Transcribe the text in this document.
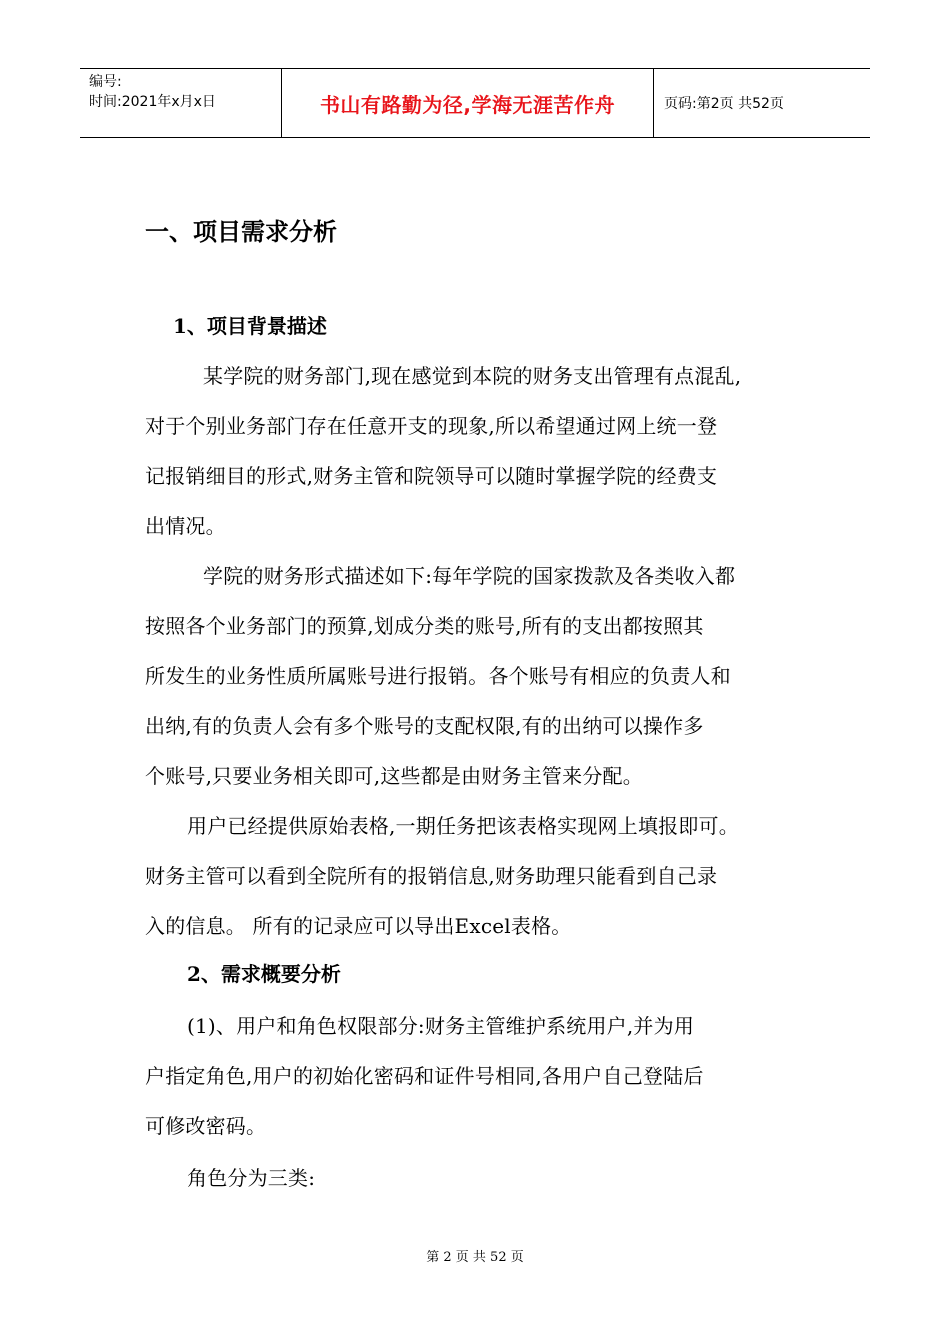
编号:
时间:2021年x月x日	书山有路勤为径,学海无涯苦作舟	页码:第2页 共52页
一、项目需求分析
1、项目背景描述
某学院的财务部门,现在感觉到本院的财务支出管理有点混乱,
对于个别业务部门存在任意开支的现象,所以希望通过网上统一登
记报销细目的形式,财务主管和院领导可以随时掌握学院的经费支
出情况。
学院的财务形式描述如下:每年学院的国家拨款及各类收入都
按照各个业务部门的预算,划成分类的账号,所有的支出都按照其
所发生的业务性质所属账号进行报销。各个账号有相应的负责人和
出纳,有的负责人会有多个账号的支配权限,有的出纳可以操作多
个账号,只要业务相关即可,这些都是由财务主管来分配。
用户已经提供原始表格,一期任务把该表格实现网上填报即可。
财务主管可以看到全院所有的报销信息,财务助理只能看到自己录
入的信息。 所有的记录应可以导出Excel表格。
2、需求概要分析
(1)、用户和角色权限部分:财务主管维护系统用户,并为用
户指定角色,用户的初始化密码和证件号相同,各用户自己登陆后
可修改密码。
角色分为三类:
第 2 页 共 52 页
